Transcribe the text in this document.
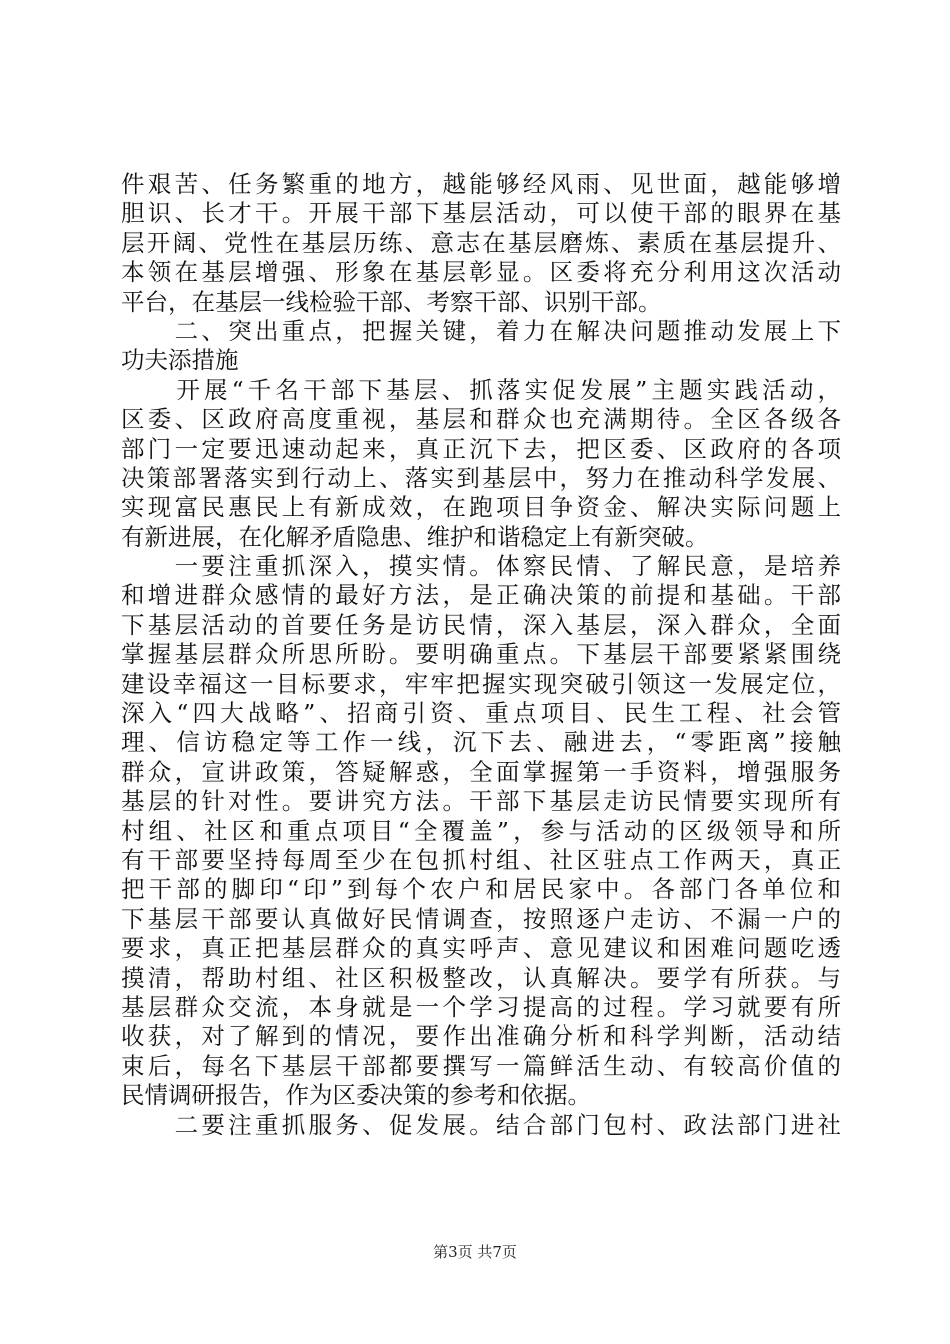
件艰苦、任务繁重的地方，越能够经风雨、见世面，越能够增
胆识、长才干。开展干部下基层活动，可以使干部的眼界在基
层开阔、党性在基层历练、意志在基层磨炼、素质在基层提升、
本领在基层增强、形象在基层彰显。区委将充分利用这次活动
平台，在基层一线检验干部、考察干部、识别干部。
　　二、突出重点，把握关键，着力在解决问题推动发展上下
功夫添措施
　　开展“千名干部下基层、抓落实促发展”主题实践活动，
区委、区政府高度重视，基层和群众也充满期待。全区各级各
部门一定要迅速动起来，真正沉下去，把区委、区政府的各项
决策部署落实到行动上、落实到基层中，努力在推动科学发展、
实现富民惠民上有新成效，在跑项目争资金、解决实际问题上
有新进展，在化解矛盾隐患、维护和谐稳定上有新突破。
　　一要注重抓深入，摸实情。体察民情、了解民意，是培养
和增进群众感情的最好方法，是正确决策的前提和基础。干部
下基层活动的首要任务是访民情，深入基层，深入群众，全面
掌握基层群众所思所盼。要明确重点。下基层干部要紧紧围绕
建设幸福这一目标要求，牢牢把握实现突破引领这一发展定位，
深入“四大战略”、招商引资、重点项目、民生工程、社会管
理、信访稳定等工作一线，沉下去、融进去，“零距离”接触
群众，宣讲政策，答疑解惑，全面掌握第一手资料，增强服务
基层的针对性。要讲究方法。干部下基层走访民情要实现所有
村组、社区和重点项目“全覆盖”，参与活动的区级领导和所
有干部要坚持每周至少在包抓村组、社区驻点工作两天，真正
把干部的脚印“印”到每个农户和居民家中。各部门各单位和
下基层干部要认真做好民情调查，按照逐户走访、不漏一户的
要求，真正把基层群众的真实呼声、意见建议和困难问题吃透
摸清，帮助村组、社区积极整改，认真解决。要学有所获。与
基层群众交流，本身就是一个学习提高的过程。学习就要有所
收获，对了解到的情况，要作出准确分析和科学判断，活动结
束后，每名下基层干部都要撰写一篇鲜活生动、有较高价值的
民情调研报告，作为区委决策的参考和依据。
　　二要注重抓服务、促发展。结合部门包村、政法部门进社
第3页 共7页
